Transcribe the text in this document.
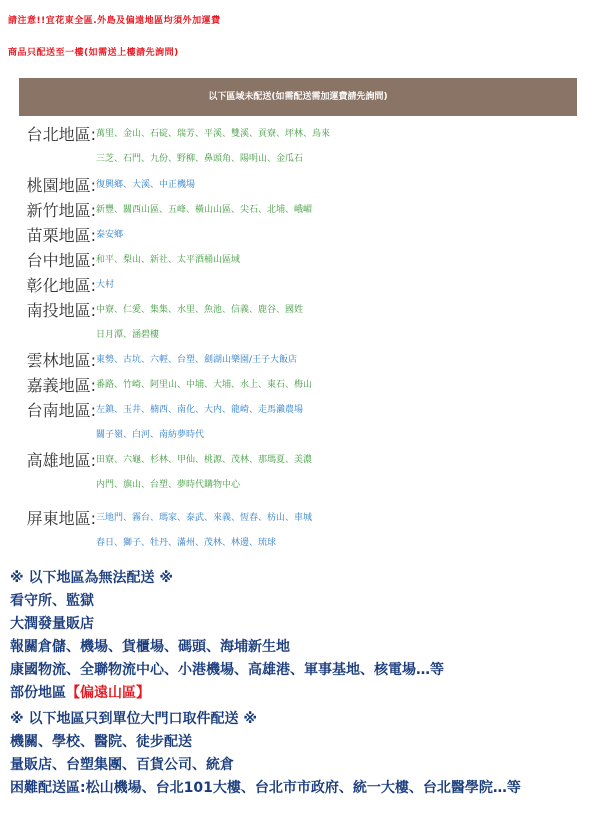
請注意!!宜花東全區.外島及偏遠地區均須外加運費
商品只配送至一樓(如需送上樓請先詢問)
以下區域未配送(如需配送需加運費請先詢問)
台北地區: 萬里、金山、石碇、瑞芳、平溪、雙溪、貢寮、坪林、烏來
三芝、石門、九份、野柳、鼻頭角、陽明山、金瓜石
桃園地區: 復興鄉、大溪、中正機場
新竹地區: 新豐、關西山區、五峰、橫山山區、尖石、北埔、峨嵋
苗栗地區: 泰安鄉
台中地區: 和平、梨山、新社、太平酒桶山區域
彰化地區: 大村
南投地區: 中寮、仁愛、集集、水里、魚池、信義、鹿谷、國姓
日月潭、涵碧樓
雲林地區: 東勢、古坑、六輕、台塑、劍湖山樂園/王子大飯店
嘉義地區: 番路、竹崎、阿里山、中埔、大埔、水上、東石、梅山
台南地區: 左鎮、玉井、楠西、南化、大内、龍崎、走馬瀨農場
關子嶺、白河、南紡夢時代
高雄地區: 田寮、六龜、杉林、甲仙、桃源、茂林、那瑪夏、美濃
内門、旗山、台塑、夢時代購物中心
屏東地區: 三地門、霧台、瑪家、泰武、來義、恆春、枋山、車城
春日、獅子、牡丹、滿州、茂林、林邊、琉球
※ 以下地區為無法配送 ※
看守所、監獄
大潤發量販店
報關倉儲、機場、貨櫃場、碼頭、海埔新生地
康國物流、全聯物流中心、小港機場、高雄港、軍事基地、核電場…等
部份地區【偏遠山區】
※ 以下地區只到單位大門口取件配送 ※
機關、學校、醫院、徒步配送
量販店、台塑集團、百貨公司、統倉
困難配送區:松山機場、台北101大樓、台北市市政府、統一大樓、台北醫學院…等
